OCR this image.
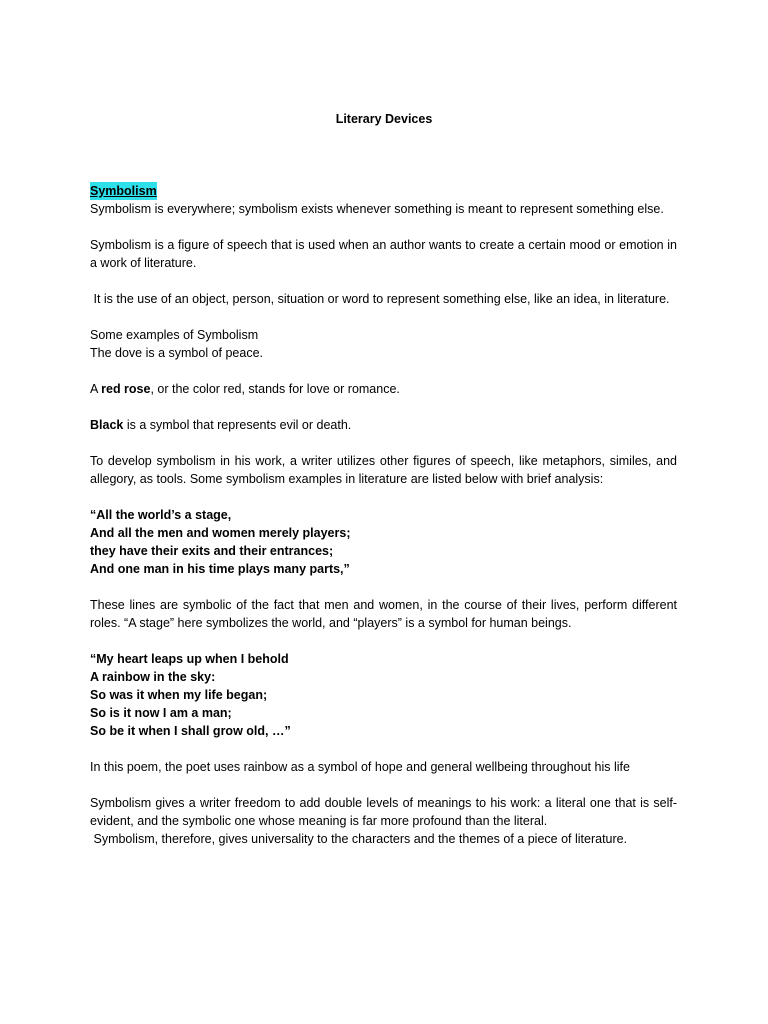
Literary Devices

Symbolism

Symbolism is everywhere; symbolism exists whenever something is meant to represent something else.

Symbolism is a figure of speech that is used when an author wants to create a certain mood or emotion in a work of literature.

It is the use of an object, person, situation or word to represent something else, like an idea, in literature.

Some examples of Symbolism

The dove is a symbol of peace.

A red rose, or the color red, stands for love or romance.

Black is a symbol that represents evil or death.

To develop symbolism in his work, a writer utilizes other figures of speech, like metaphors, similes, and allegory, as tools. Some symbolism examples in literature are listed below with brief analysis:

“All the world’s a stage,

And all the men and women merely players;

they have their exits and their entrances;

And one man in his time plays many parts,”

These lines are symbolic of the fact that men and women, in the course of their lives, perform different roles. “A stage” here symbolizes the world, and “players” is a symbol for human beings.

“My heart leaps up when I behold

A rainbow in the sky:

So was it when my life began;

So is it now I am a man;

So be it when I shall grow old, …”

In this poem, the poet uses rainbow as a symbol of hope and general wellbeing throughout his life

Symbolism gives a writer freedom to add double levels of meanings to his work: a literal one that is self-evident, and the symbolic one whose meaning is far more profound than the literal.

Symbolism, therefore, gives universality to the characters and the themes of a piece of literature.
